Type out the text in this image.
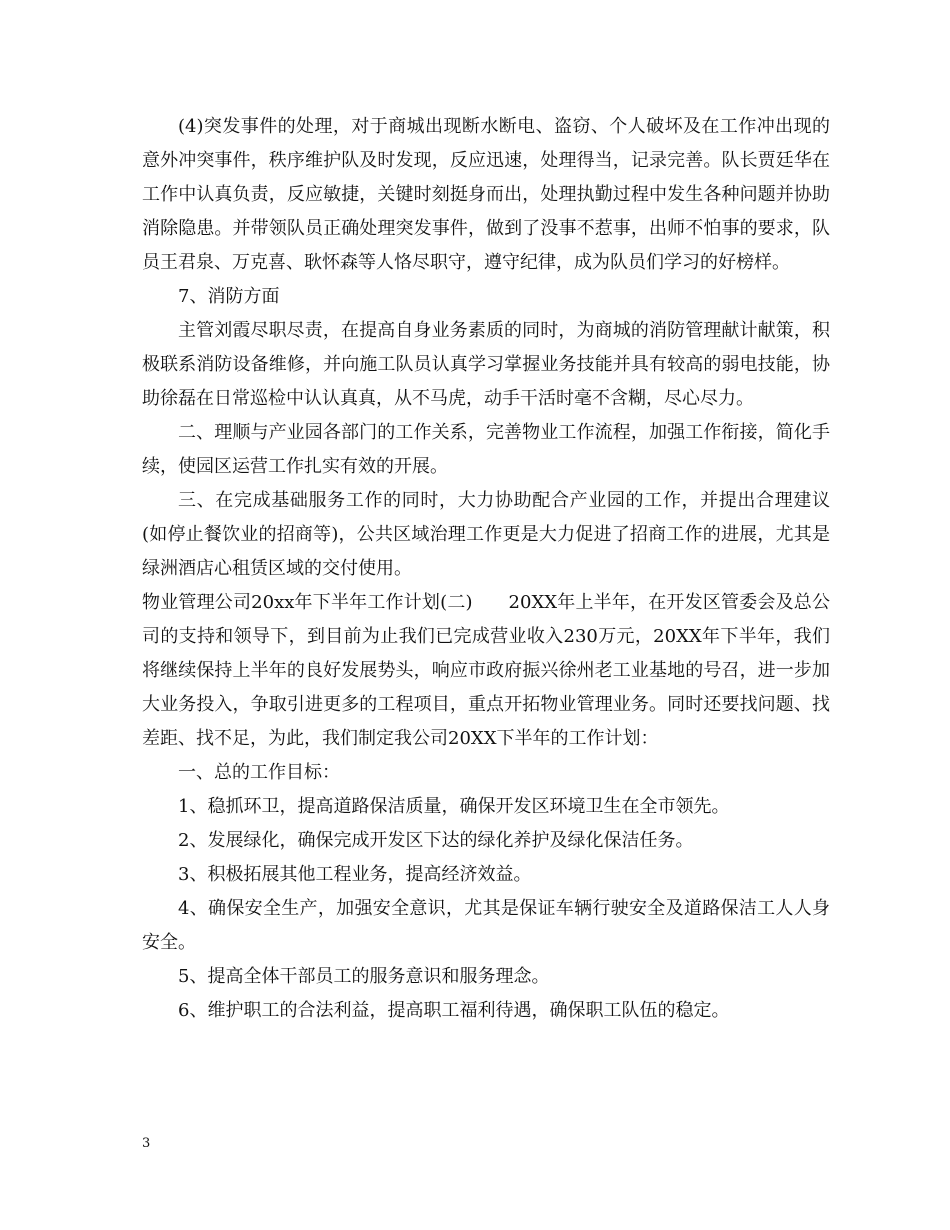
(4)突发事件的处理，对于商城出现断水断电、盗窃、个人破坏及在工作冲出现的意外冲突事件，秩序维护队及时发现，反应迅速，处理得当，记录完善。队长贾廷华在工作中认真负责，反应敏捷，关键时刻挺身而出，处理执勤过程中发生各种问题并协助消除隐患。并带领队员正确处理突发事件，做到了没事不惹事，出师不怕事的要求，队员王君泉、万克喜、耿怀森等人恪尽职守，遵守纪律，成为队员们学习的好榜样。

7、消防方面

主管刘霞尽职尽责，在提高自身业务素质的同时，为商城的消防管理献计献策，积极联系消防设备维修，并向施工队员认真学习掌握业务技能并具有较高的弱电技能，协助徐磊在日常巡检中认认真真，从不马虎，动手干活时毫不含糊，尽心尽力。

二、理顺与产业园各部门的工作关系，完善物业工作流程，加强工作衔接，简化手续，使园区运营工作扎实有效的开展。

三、在完成基础服务工作的同时，大力协助配合产业园的工作，并提出合理建议(如停止餐饮业的招商等)，公共区域治理工作更是大力促进了招商工作的进展，尤其是绿洲酒店心租赁区域的交付使用。

物业管理公司20xx年下半年工作计划(二) 20XX年上半年，在开发区管委会及总公司的支持和领导下，到目前为止我们已完成营业收入230万元，20XX年下半年，我们将继续保持上半年的良好发展势头，响应市政府振兴徐州老工业基地的号召，进一步加大业务投入，争取引进更多的工程项目，重点开拓物业管理业务。同时还要找问题、找差距、找不足，为此，我们制定我公司20XX下半年的工作计划：

一、总的工作目标：

1、稳抓环卫，提高道路保洁质量，确保开发区环境卫生在全市领先。

2、发展绿化，确保完成开发区下达的绿化养护及绿化保洁任务。

3、积极拓展其他工程业务，提高经济效益。

4、确保安全生产，加强安全意识，尤其是保证车辆行驶安全及道路保洁工人人身安全。

5、提高全体干部员工的服务意识和服务理念。

6、维护职工的合法利益，提高职工福利待遇，确保职工队伍的稳定。

3
